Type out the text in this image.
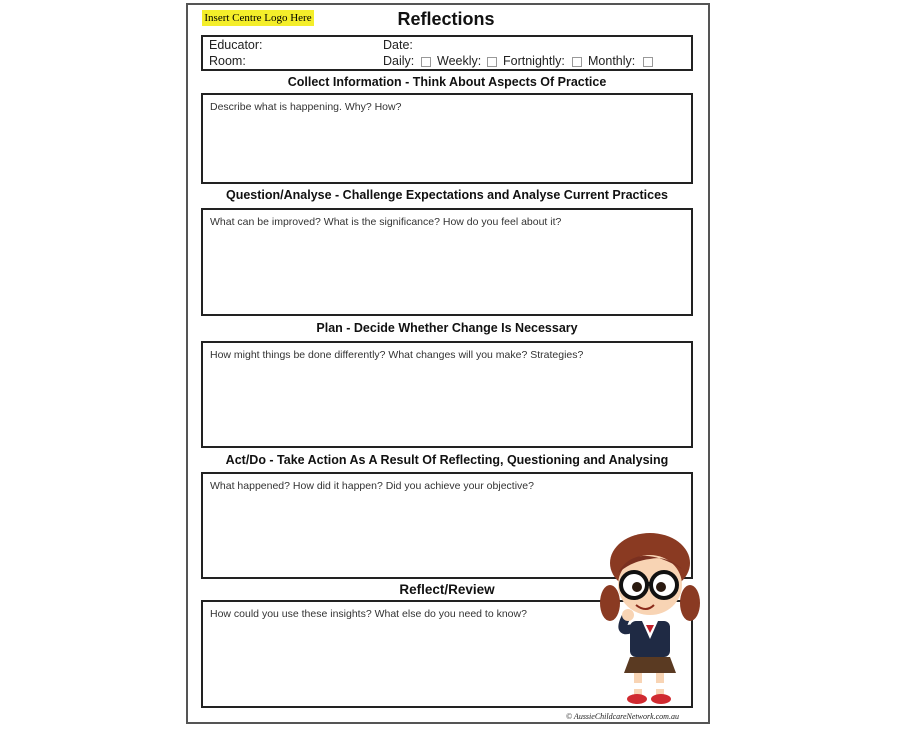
Insert Centre Logo Here	Reflections
Educator:
Room:
Date:
Daily: Weekly: Fortnightly: Monthly:
Collect Information - Think About Aspects Of Practice
Describe what is happening. Why? How?
Question/Analyse - Challenge Expectations and Analyse Current Practices
What can be improved? What is the significance? How do you feel about it?
Plan - Decide Whether Change Is Necessary
How might things be done differently? What changes will you make? Strategies?
Act/Do - Take Action As A Result Of Reflecting, Questioning and Analysing
What happened? How did it happen? Did you achieve your objective?
Reflect/Review
How could you use these insights? What else do you need to know?
© AussieChildcareNetwork.com.au
